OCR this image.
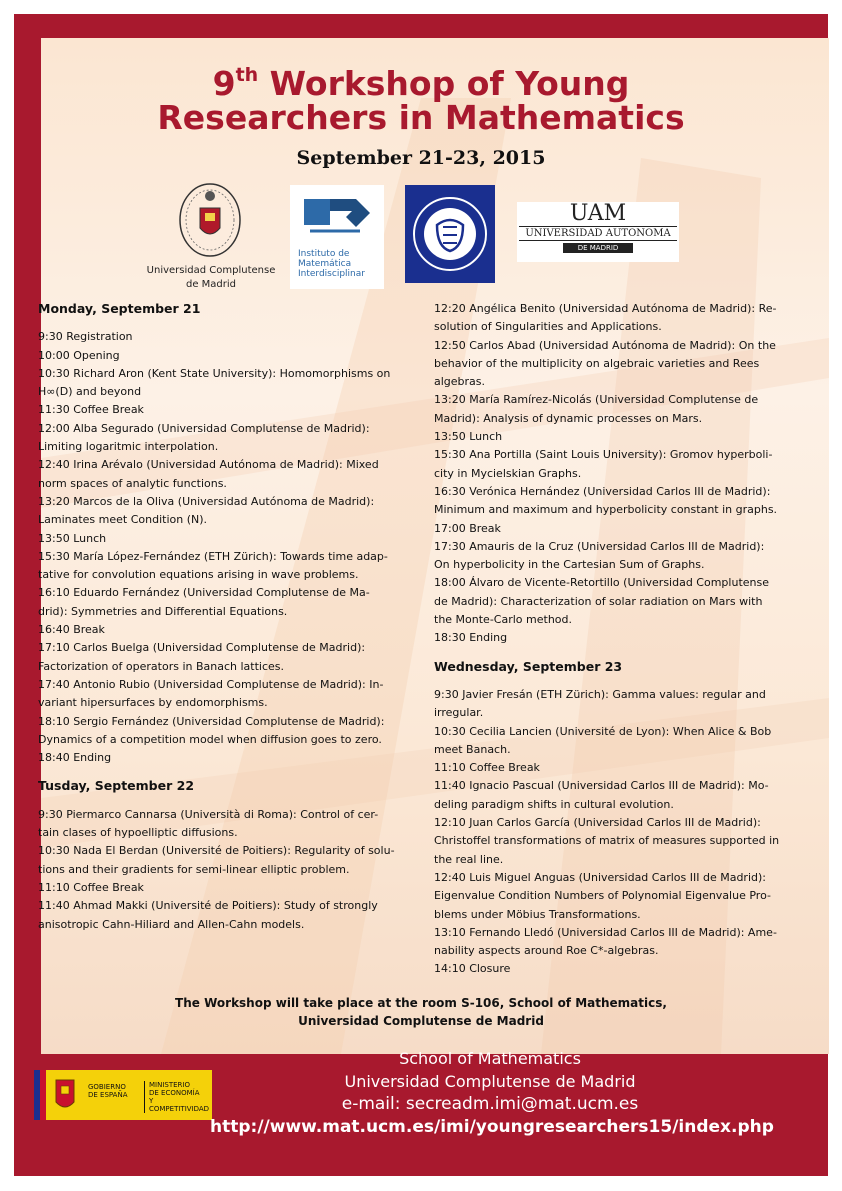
9th Workshop of Young
Researchers in Mathematics
September 21-23, 2015
Universidad Complutense
de Madrid
Instituto de
Matemática
Interdisciplinar
UAM
UNIVERSIDAD AUTONOMA
DE MADRID
Monday, September 21
9:30 Registration
10:00 Opening
10:30 Richard Aron (Kent State University): Homomorphisms on
H∞(D) and beyond
11:30 Coffee Break
12:00 Alba Segurado (Universidad Complutense de Madrid):
Limiting logaritmic interpolation.
12:40 Irina Arévalo (Universidad Autónoma de Madrid): Mixed
norm spaces of analytic functions.
13:20 Marcos de la Oliva (Universidad Autónoma de Madrid):
Laminates meet Condition (N).
13:50 Lunch
15:30 María López-Fernández (ETH Zürich): Towards time adap-
tative for convolution equations arising in wave problems.
16:10 Eduardo Fernández (Universidad Complutense de Ma-
drid): Symmetries and Differential Equations.
16:40 Break
17:10 Carlos Buelga (Universidad Complutense de Madrid):
Factorization of operators in Banach lattices.
17:40 Antonio Rubio (Universidad Complutense de Madrid): In-
variant hipersurfaces by endomorphisms.
18:10 Sergio Fernández (Universidad Complutense de Madrid):
Dynamics of a competition model when diffusion goes to zero.
18:40 Ending
Tusday, September 22
9:30 Piermarco Cannarsa (Università di Roma): Control of cer-
tain clases of hypoelliptic diffusions.
10:30 Nada El Berdan (Université de Poitiers): Regularity of solu-
tions and their gradients for semi-linear elliptic problem.
11:10 Coffee Break
11:40 Ahmad Makki (Université de Poitiers): Study of strongly
anisotropic Cahn-Hiliard and Allen-Cahn models.
12:20 Angélica Benito (Universidad Autónoma de Madrid): Re-
solution of Singularities and Applications.
12:50 Carlos Abad (Universidad Autónoma de Madrid): On the
behavior of the multiplicity on algebraic varieties and Rees
algebras.
13:20 María Ramírez-Nicolás (Universidad Complutense de
Madrid): Analysis of dynamic processes on Mars.
13:50 Lunch
15:30 Ana Portilla (Saint Louis University): Gromov hyperboli-
city in Mycielskian Graphs.
16:30 Verónica Hernández (Universidad Carlos III de Madrid):
Minimum and maximum and hyperbolicity constant in graphs.
17:00 Break
17:30 Amauris de la Cruz (Universidad Carlos III de Madrid):
On hyperbolicity in the Cartesian Sum of Graphs.
18:00 Álvaro de Vicente-Retortillo (Universidad Complutense
de Madrid): Characterization of solar radiation on Mars with
the Monte-Carlo method.
18:30 Ending
Wednesday, September 23
9:30 Javier Fresán (ETH Zürich): Gamma values: regular and
irregular.
10:30 Cecilia Lancien (Université de Lyon): When Alice & Bob
meet Banach.
11:10 Coffee Break
11:40 Ignacio Pascual (Universidad Carlos III de Madrid): Mo-
deling paradigm shifts in cultural evolution.
12:10 Juan Carlos García (Universidad Carlos III de Madrid):
Christoffel transformations of matrix of measures supported in
the real line.
12:40 Luis Miguel Anguas (Universidad Carlos III de Madrid):
Eigenvalue Condition Numbers of Polynomial Eigenvalue Pro-
blems under Möbius Transformations.
13:10 Fernando Lledó (Universidad Carlos III de Madrid): Ame-
nability aspects around Roe C*-algebras.
14:10 Closure
The Workshop will take place at the room S-106, School of Mathematics,
Universidad Complutense de Madrid
GOBIERNO
DE ESPAÑA
MINISTERIO
DE ECONOMÍA
Y COMPETITIVIDAD
School of Mathematics
Universidad Complutense de Madrid
e-mail: secreadm.imi@mat.ucm.es
http://www.mat.ucm.es/imi/youngresearchers15/index.php
